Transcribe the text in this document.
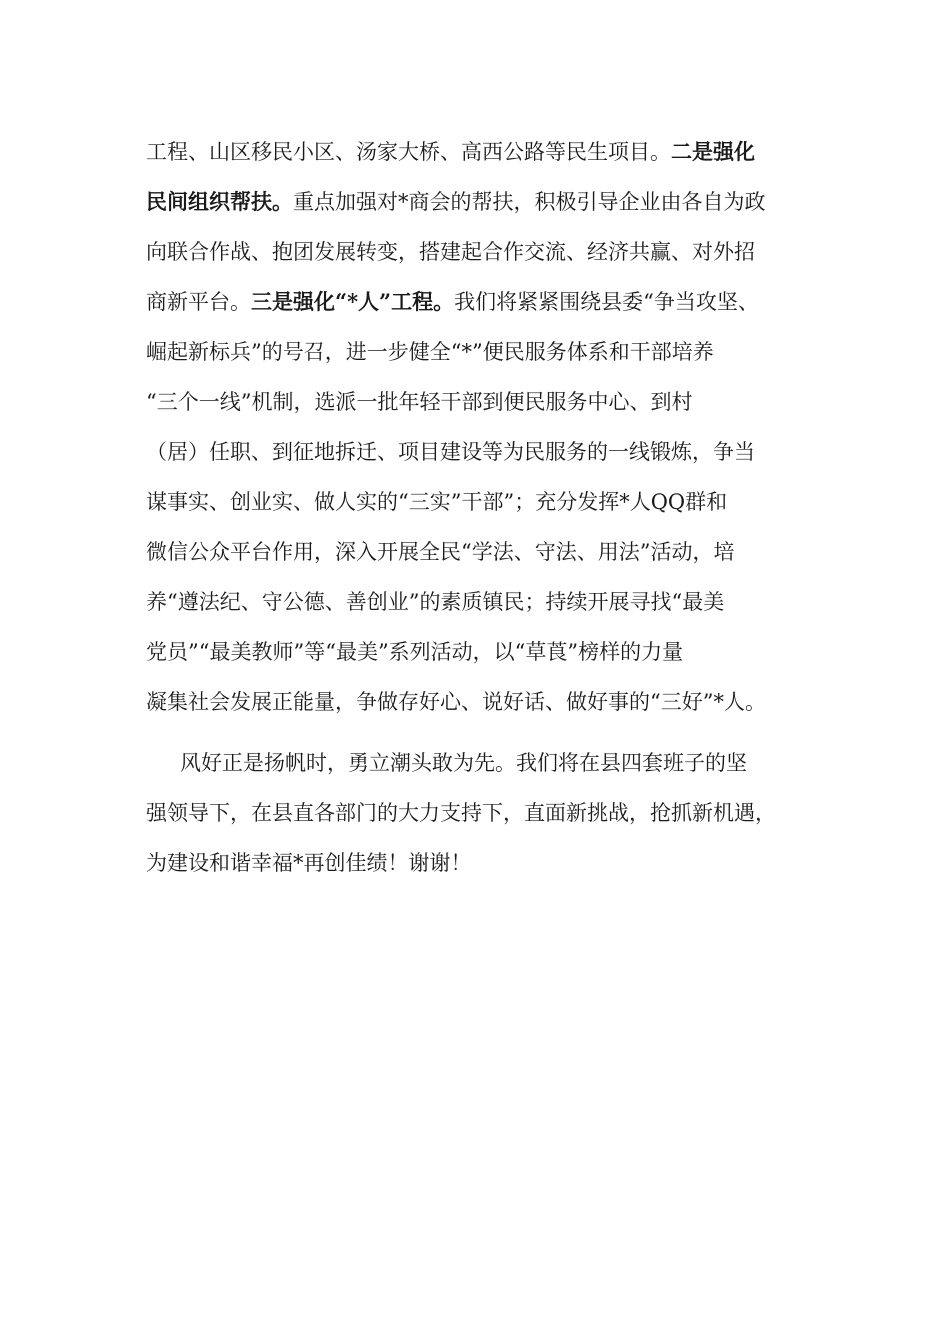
工程、山区移民小区、汤家大桥、高西公路等民生项目。二是强化
民间组织帮扶。重点加强对*商会的帮扶，积极引导企业由各自为政
向联合作战、抱团发展转变，搭建起合作交流、经济共赢、对外招
商新平台。三是强化“*人”工程。我们将紧紧围绕县委“争当攻坚、
崛起新标兵”的号召，进一步健全“*”便民服务体系和干部培养
“三个一线”机制，选派一批年轻干部到便民服务中心、到村
（居）任职、到征地拆迁、项目建设等为民服务的一线锻炼，争当
谋事实、创业实、做人实的“三实”干部”；充分发挥*人QQ群和
微信公众平台作用，深入开展全民“学法、守法、用法”活动，培
养“遵法纪、守公德、善创业”的素质镇民；持续开展寻找“最美
党员”“最美教师”等“最美”系列活动，以“草莨”榜样的力量
凝集社会发展正能量，争做存好心、说好话、做好事的“三好”*人。
风好正是扬帆时，勇立潮头敢为先。我们将在县四套班子的坚
强领导下，在县直各部门的大力支持下，直面新挑战，抢抓新机遇，
为建设和谐幸福*再创佳绩！谢谢！
